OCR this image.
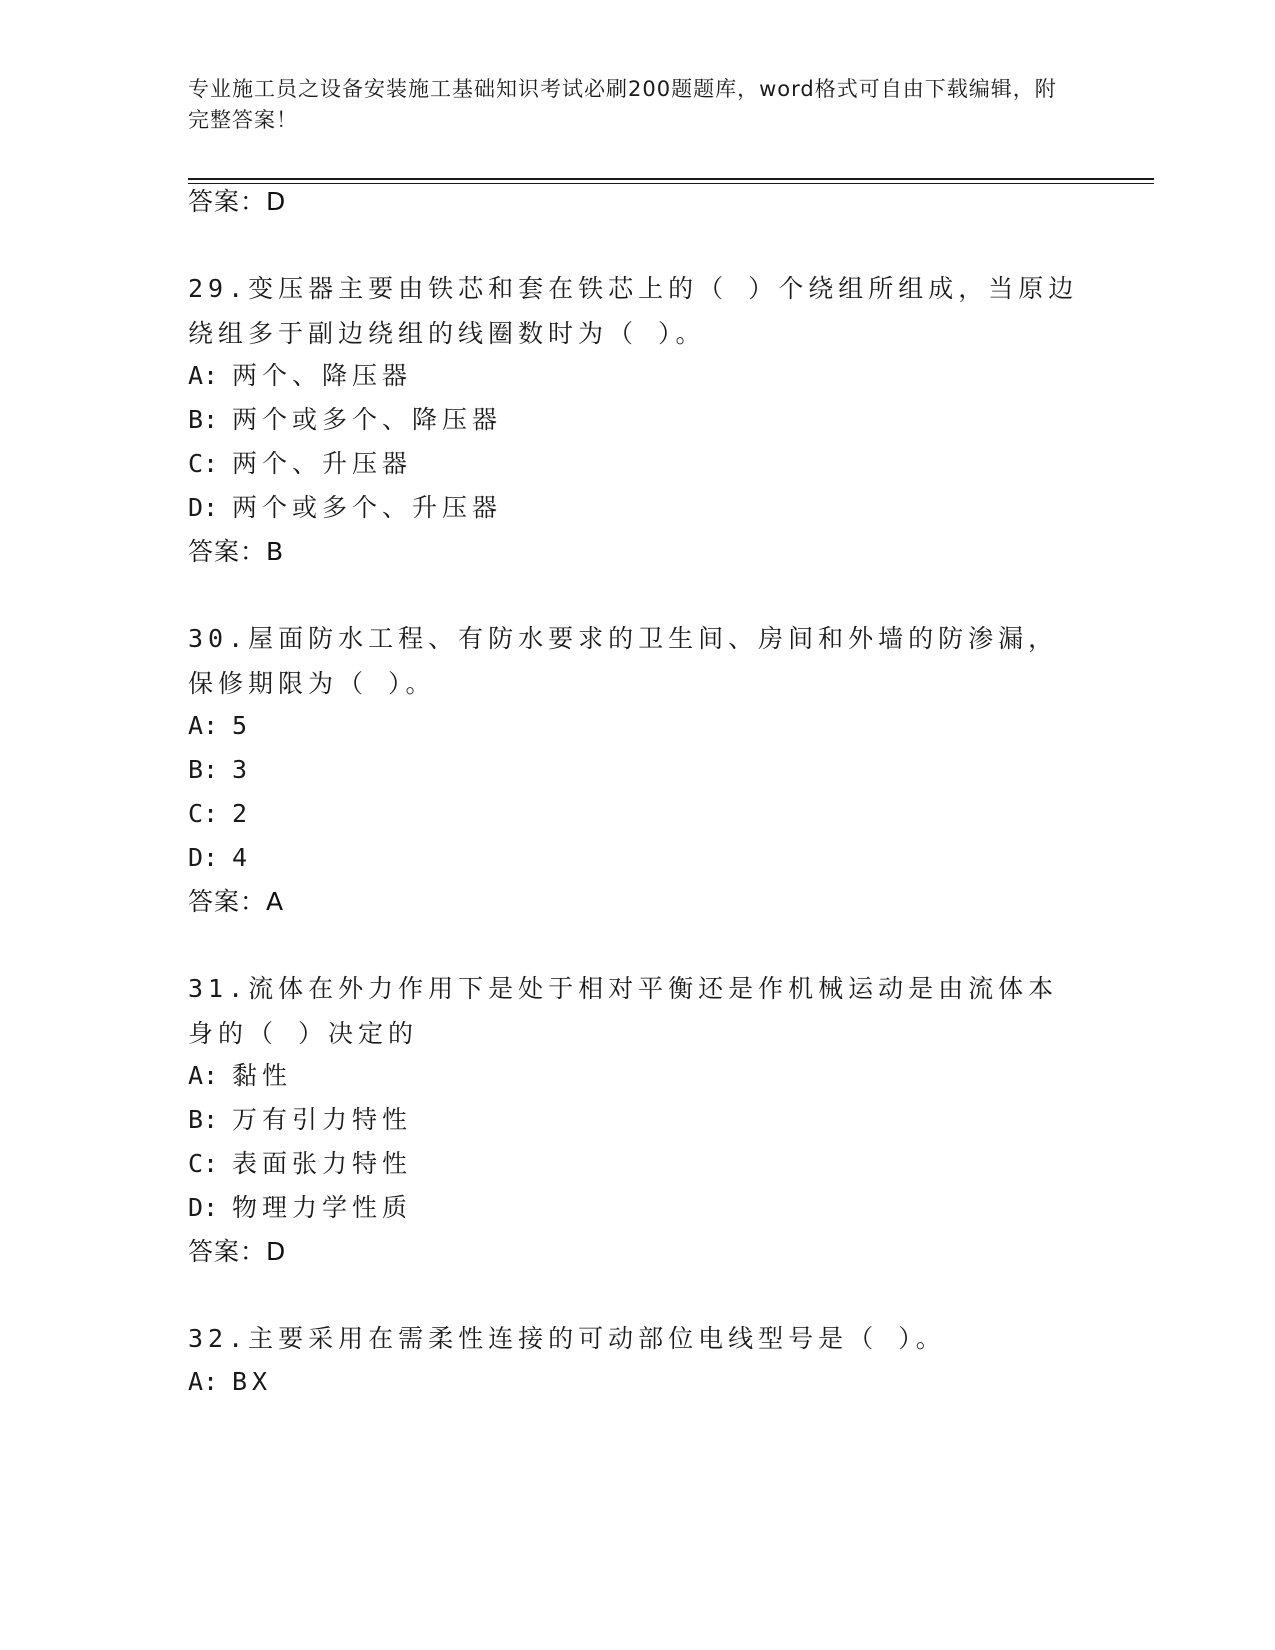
专业施工员之设备安装施工基础知识考试必刷200题题库，word格式可自由下载编辑，附完整答案！
答案：D
29.变压器主要由铁芯和套在铁芯上的（ ）个绕组所组成，当原边绕组多于副边绕组的线圈数时为（ ）。
A: 两个、降压器
B: 两个或多个、降压器
C: 两个、升压器
D: 两个或多个、升压器
答案：B
30.屋面防水工程、有防水要求的卫生间、房间和外墙的防渗漏，保修期限为（ ）。
A: 5
B: 3
C: 2
D: 4
答案：A
31.流体在外力作用下是处于相对平衡还是作机械运动是由流体本身的（ ）决定的
A: 黏性
B: 万有引力特性
C: 表面张力特性
D: 物理力学性质
答案：D
32.主要采用在需柔性连接的可动部位电线型号是（ ）。
A: BX
